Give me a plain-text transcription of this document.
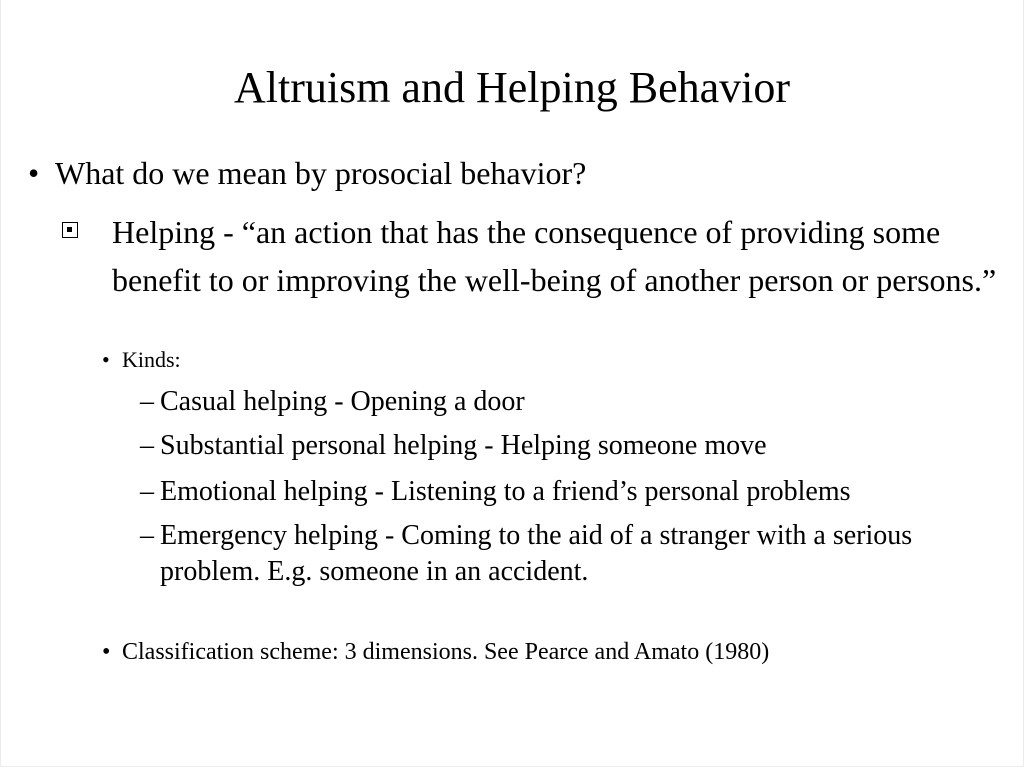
Altruism and Helping Behavior
• What do we mean by prosocial behavior?
Helping - “an action that has the consequence of providing some benefit to or improving the well-being of another person or persons.”
• Kinds:
– Casual helping - Opening a door
– Substantial personal helping - Helping someone move
– Emotional helping - Listening to a friend’s personal problems
– Emergency helping - Coming to the aid of a stranger with a serious problem. E.g. someone in an accident.
• Classification scheme: 3 dimensions. See Pearce and Amato (1980)
